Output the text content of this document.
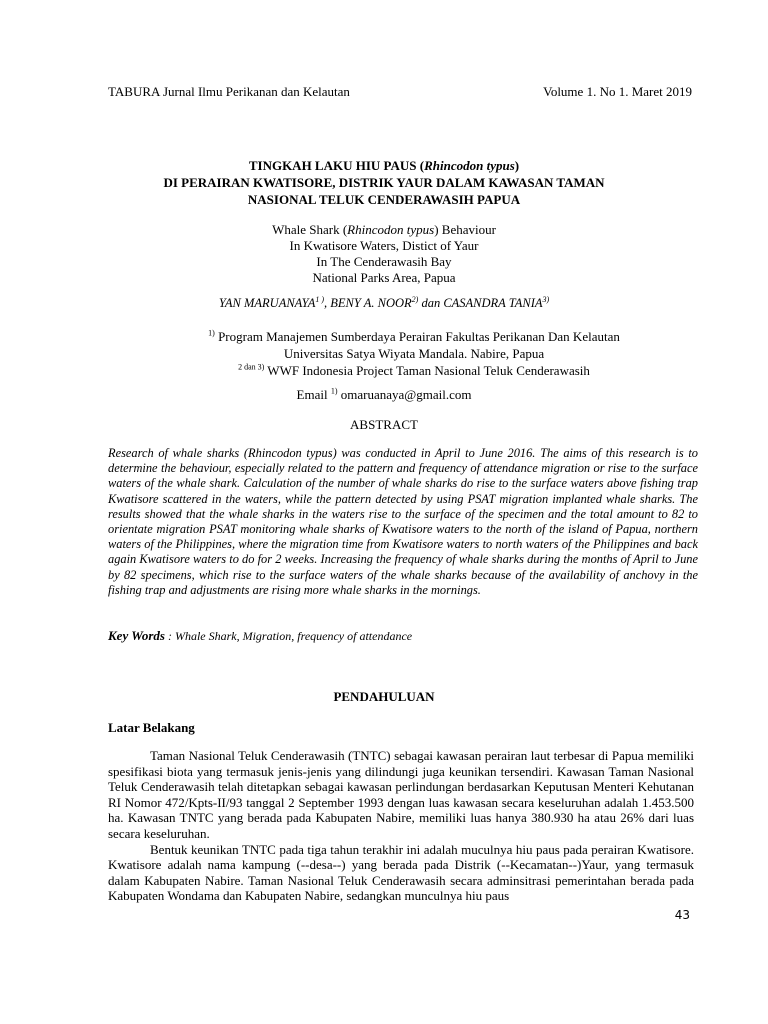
TABURA Jurnal Ilmu Perikanan dan Kelautan	Volume 1. No 1. Maret 2019
TINGKAH LAKU HIU PAUS (Rhincodon typus)
DI PERAIRAN KWATISORE, DISTRIK YAUR DALAM KAWASAN TAMAN
NASIONAL TELUK CENDERAWASIH PAPUA
Whale Shark (Rhincodon typus) Behaviour
In Kwatisore Waters, Distict of Yaur
In The Cenderawasih Bay
National Parks Area, Papua
YAN $MARUANAYA^{1 )}$, BENY A. NOOR$^{2)}$ dan CASANDRA TANIA$^{3)}$
$^{1)}$ Program Manajemen Sumberdaya Perairan Fakultas Perikanan Dan Kelautan
Universitas Satya Wiyata Mandala. Nabire, Papua
$^{2 dan 3)}$ WWF Indonesia Project Taman Nasional Teluk Cenderawasih
Email $^{1)}$ omaruanaya@gmail.com
ABSTRACT
Research of whale sharks (Rhincodon typus) was conducted in April to June 2016. The aims of this research is to determine the behaviour, especially related to the pattern and frequency of attendance migration or rise to the surface waters of the whale shark. Calculation of the number of whale sharks do rise to the surface waters above fishing trap Kwatisore scattered in the waters, while the pattern detected by using PSAT migration implanted whale sharks. The results showed that the whale sharks in the waters rise to the surface of the specimen and the total amount to 82 to orientate migration PSAT monitoring whale sharks of Kwatisore waters to the north of the island of Papua, northern waters of the Philippines, where the migration time from Kwatisore waters to north waters of the Philippines and back again Kwatisore waters to do for 2 weeks. Increasing the frequency of whale sharks during the months of April to June by 82 specimens, which rise to the surface waters of the whale sharks because of the availability of anchovy in the fishing trap and adjustments are rising more whale sharks in the mornings.
Key Words : Whale Shark, Migration, frequency of attendance
PENDAHULUAN
Latar Belakang

Taman Nasional Teluk Cenderawasih (TNTC) sebagai kawasan perairan laut terbesar di Papua memiliki spesifikasi biota yang termasuk jenis-jenis yang dilindungi juga keunikan tersendiri. Kawasan Taman Nasional Teluk Cenderawasih telah ditetapkan sebagai kawasan perlindungan berdasarkan Keputusan Menteri Kehutanan RI Nomor 472/Kpts-II/93 tanggal 2 September 1993 dengan luas kawasan secara keseluruhan adalah 1.453.500 ha. Kawasan TNTC yang berada pada Kabupaten Nabire, memiliki luas hanya 380.930 ha atau 26% dari luas secara keseluruhan.

Bentuk keunikan TNTC pada tiga tahun terakhir ini adalah muculnya hiu paus pada perairan Kwatisore. Kwatisore adalah nama kampung (--desa--) yang berada pada Distrik (--Kecamatan--)Yaur, yang termasuk dalam Kabupaten Nabire. Taman Nasional Teluk Cenderawasih secara adminsitrasi pemerintahan berada pada Kabupaten Wondama dan Kabupaten Nabire, sedangkan munculnya hiu paus

43
